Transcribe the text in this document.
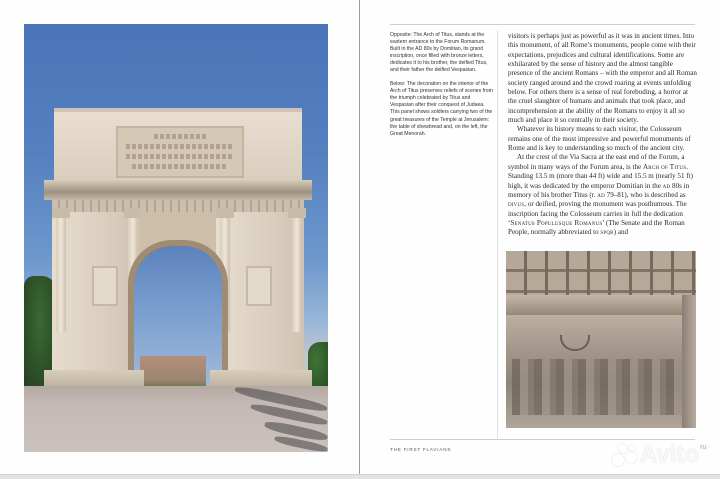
Opposite: The Arch of Titus, stands at the eastern entrance to the Forum Romanum. Built in the AD 80s by Domitian, its grand inscription, once filled with bronze letters, dedicates it to his brother, the deified Titus, and their father the deified Vespasian.

Below: The decoration on the interior of the Arch of Titus preserves reliefs of scenes from the triumph celebrated by Titus and Vespasian after their conquest of Judaea. This panel shows soldiers carrying two of the great treasures of the Temple at Jerusalem: the table of shewbread and, on the left, the Great Menorah.

visitors is perhaps just as powerful as it was in ancient times. Into this monument, of all Rome’s monuments, people come with their expectations, prejudices and cultural identifications. Some are exhilarated by the sense of history and the almost tangible presence of the ancient Romans – with the emperor and all Roman society ranged around and the crowd roaring at events unfolding below. For others there is a sense of real foreboding, a horror at the cruel slaughter of humans and animals that took place, and incomprehension at the ability of the Romans to enjoy it all so much and place it so centrally in their society.

Whatever its history means to each visitor, the Colosseum remains one of the most impressive and powerful monuments of Rome and is key to understanding so much of the ancient city.

At the crest of the Via Sacra at the east end of the Forum, a symbol in many ways of the Forum area, is the Arch of Titus. Standing 13.5 m (more than 44 ft) wide and 15.5 m (nearly 51 ft) high, it was dedicated by the emperor Domitian in the ad 80s in memory of his brother Titus (r. ad 79–81), who is described as divus, or deified, proving the monument was posthumous. The inscription facing the Colosseum carries in full the dedication ‘Senatus Populusque Romanus’ (The Senate and the Roman People, normally abbreviated to spqr) and

THE FIRST FLAVIANS	Avito ru
